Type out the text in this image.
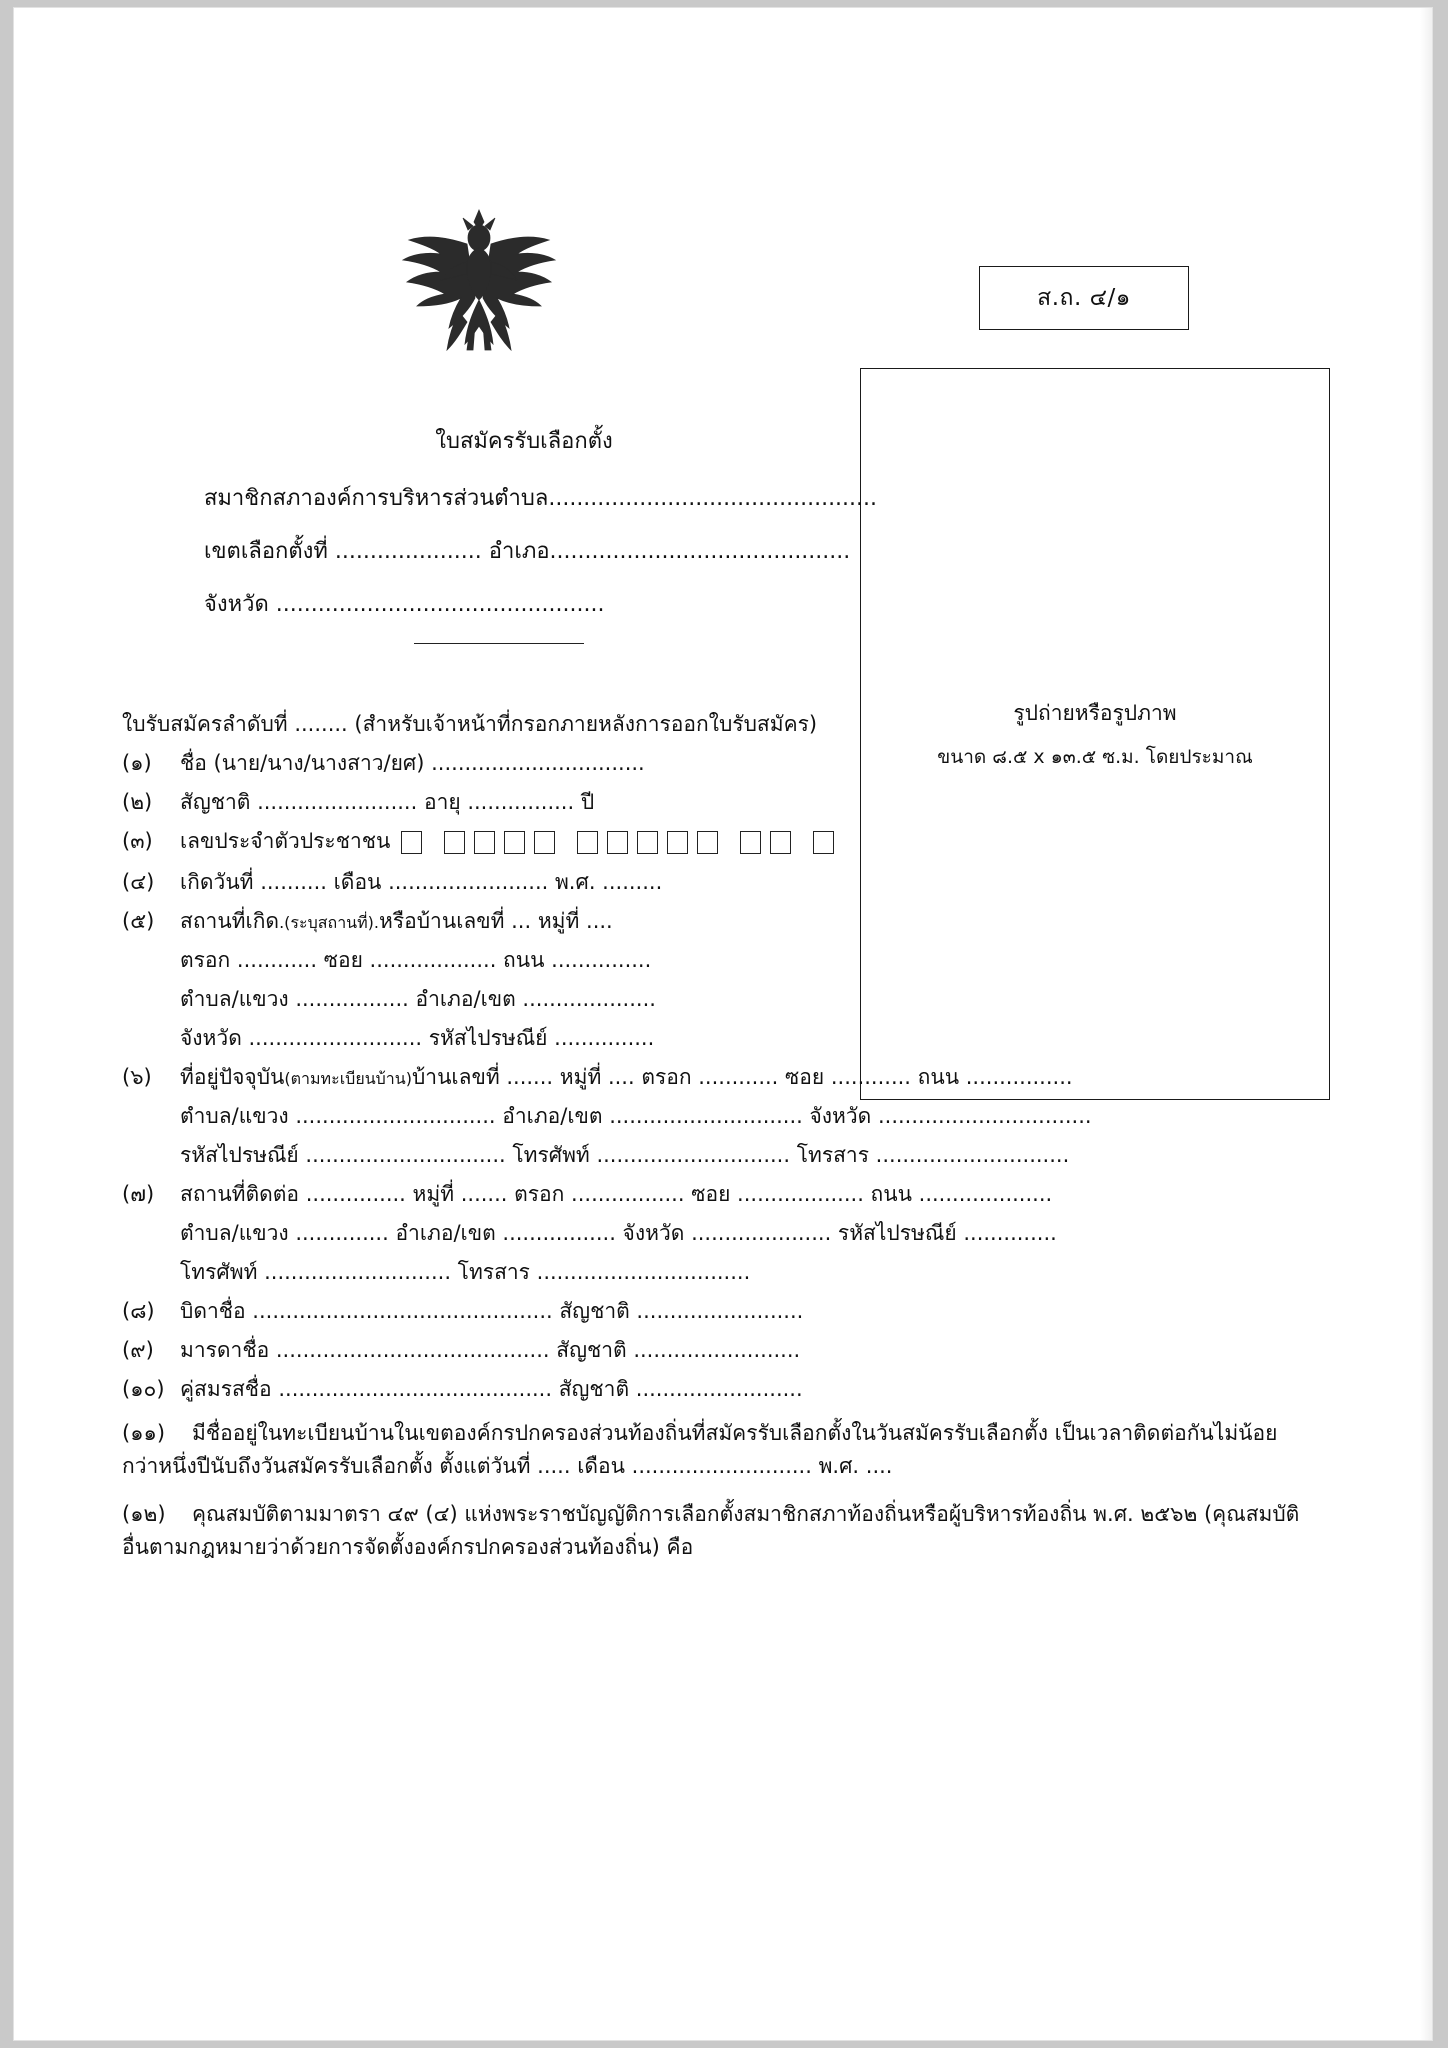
ส.ถ. ๔/๑
รูปถ่ายหรือรูปภาพ
ขนาด ๘.๕ x ๑๓.๕ ซ.ม. โดยประมาณ
ใบสมัครรับเลือกตั้ง
สมาชิกสภาองค์การบริหารส่วนตำบล...............................................
เขตเลือกตั้งที่ ..................... อำเภอ...........................................
จังหวัด ...............................................
ใบรับสมัครลำดับที่ ........ (สำหรับเจ้าหน้าที่กรอกภายหลังการออกใบรับสมัคร)
(๑) ชื่อ (นาย/นาง/นางสาว/ยศ) ................................
(๒) สัญชาติ ........................ อายุ ................ ปี
(๓) เลขประจำตัวประชาชน
(๔) เกิดวันที่ .......... เดือน ........................ พ.ศ. .........
(๕) สถานที่เกิด.(ระบุสถานที่).หรือบ้านเลขที่ ... หมู่ที่ ....
ตรอก ............ ซอย ................... ถนน ...............
ตำบล/แขวง ................. อำเภอ/เขต ....................
จังหวัด .......................... รหัสไปรษณีย์ ...............
(๖) ที่อยู่ปัจจุบัน(ตามทะเบียนบ้าน)บ้านเลขที่ ....... หมู่ที่ .... ตรอก ............ ซอย ............ ถนน ................
ตำบล/แขวง .............................. อำเภอ/เขต ............................. จังหวัด ................................
รหัสไปรษณีย์ .............................. โทรศัพท์ ............................. โทรสาร .............................
(๗) สถานที่ติดต่อ ............... หมู่ที่ ....... ตรอก ................. ซอย ................... ถนน ....................
ตำบล/แขวง .............. อำเภอ/เขต ................. จังหวัด ..................... รหัสไปรษณีย์ ..............
โทรศัพท์ ............................ โทรสาร ................................
(๘) บิดาชื่อ ............................................. สัญชาติ .........................
(๙) มารดาชื่อ ......................................... สัญชาติ .........................
(๑๐) คู่สมรสชื่อ ......................................... สัญชาติ .........................
(๑๑) มีชื่ออยู่ในทะเบียนบ้านในเขตองค์กรปกครองส่วนท้องถิ่นที่สมัครรับเลือกตั้งในวันสมัครรับเลือกตั้ง เป็นเวลาติดต่อกันไม่น้อยกว่าหนึ่งปีนับถึงวันสมัครรับเลือกตั้ง ตั้งแต่วันที่ ..... เดือน ........................... พ.ศ. ....
(๑๒) คุณสมบัติตามมาตรา ๔๙ (๔) แห่งพระราชบัญญัติการเลือกตั้งสมาชิกสภาท้องถิ่นหรือผู้บริหารท้องถิ่น พ.ศ. ๒๕๖๒ (คุณสมบัติอื่นตามกฎหมายว่าด้วยการจัดตั้งองค์กรปกครองส่วนท้องถิ่น) คือ
